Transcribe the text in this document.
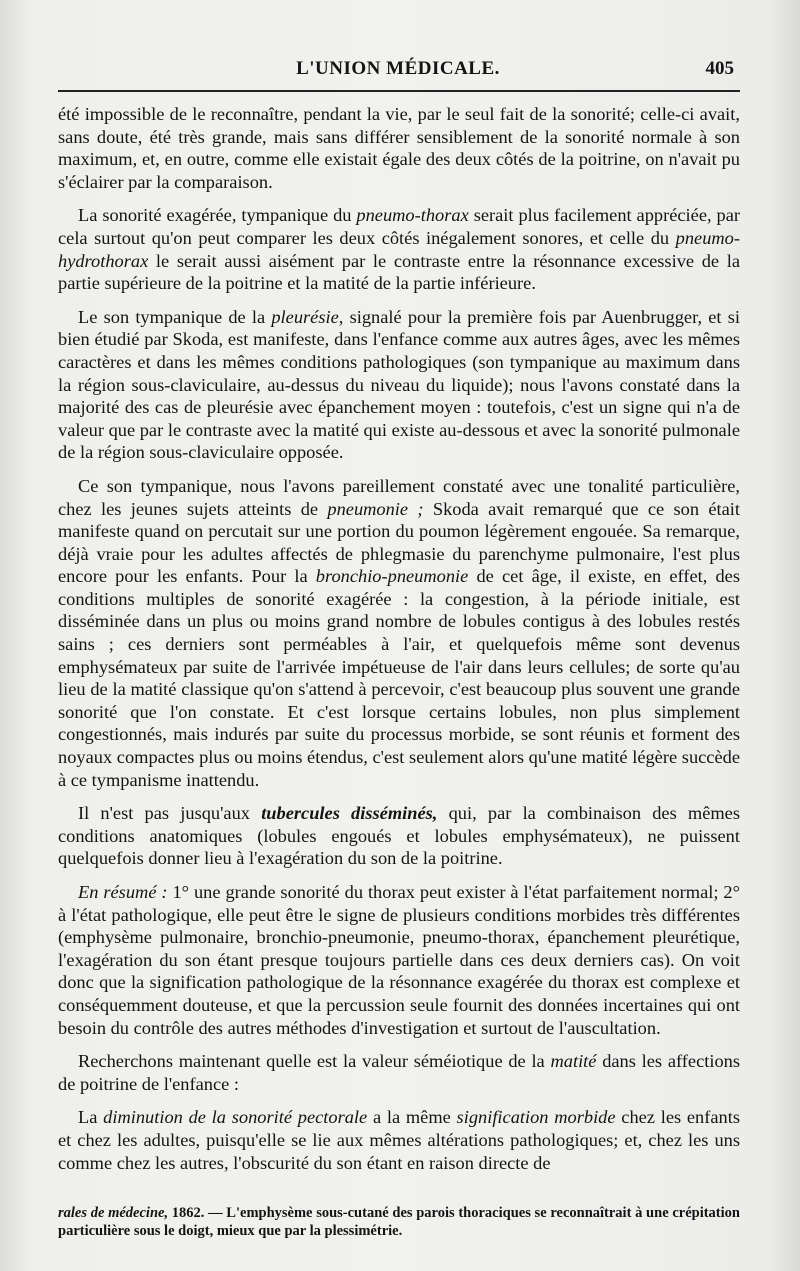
L'UNION MÉDICALE.	405

été impossible de le reconnaître, pendant la vie, par le seul fait de la sonorité; celle-ci avait, sans doute, été très grande, mais sans différer sensiblement de la sonorité normale à son maximum, et, en outre, comme elle existait égale des deux côtés de la poitrine, on n'avait pu s'éclairer par la comparaison.

La sonorité exagérée, tympanique du pneumo-thorax serait plus facilement appréciée, par cela surtout qu'on peut comparer les deux côtés inégalement sonores, et celle du pneumo-hydrothorax le serait aussi aisément par le contraste entre la résonnance excessive de la partie supérieure de la poitrine et la matité de la partie inférieure.

Le son tympanique de la pleurésie, signalé pour la première fois par Auenbrugger, et si bien étudié par Skoda, est manifeste, dans l'enfance comme aux autres âges, avec les mêmes caractères et dans les mêmes conditions pathologiques (son tympanique au maximum dans la région sous-claviculaire, au-dessus du niveau du liquide); nous l'avons constaté dans la majorité des cas de pleurésie avec épanchement moyen : toutefois, c'est un signe qui n'a de valeur que par le contraste avec la matité qui existe au-dessous et avec la sonorité pulmonale de la région sous-claviculaire opposée.

Ce son tympanique, nous l'avons pareillement constaté avec une tonalité particulière, chez les jeunes sujets atteints de pneumonie ; Skoda avait remarqué que ce son était manifeste quand on percutait sur une portion du poumon légèrement engouée. Sa remarque, déjà vraie pour les adultes affectés de phlegmasie du parenchyme pulmonaire, l'est plus encore pour les enfants. Pour la bronchio-pneumonie de cet âge, il existe, en effet, des conditions multiples de sonorité exagérée : la congestion, à la période initiale, est disséminée dans un plus ou moins grand nombre de lobules contigus à des lobules restés sains ; ces derniers sont perméables à l'air, et quelquefois même sont devenus emphysémateux par suite de l'arrivée impétueuse de l'air dans leurs cellules; de sorte qu'au lieu de la matité classique qu'on s'attend à percevoir, c'est beaucoup plus souvent une grande sonorité que l'on constate. Et c'est lorsque certains lobules, non plus simplement congestionnés, mais indurés par suite du processus morbide, se sont réunis et forment des noyaux compactes plus ou moins étendus, c'est seulement alors qu'une matité légère succède à ce tympanisme inattendu.

Il n'est pas jusqu'aux tubercules disséminés, qui, par la combinaison des mêmes conditions anatomiques (lobules engoués et lobules emphysémateux), ne puissent quelquefois donner lieu à l'exagération du son de la poitrine.

En résumé : 1° une grande sonorité du thorax peut exister à l'état parfaitement normal; 2° à l'état pathologique, elle peut être le signe de plusieurs conditions morbides très différentes (emphysème pulmonaire, bronchio-pneumonie, pneumo-thorax, épanchement pleurétique, l'exagération du son étant presque toujours partielle dans ces deux derniers cas). On voit donc que la signification pathologique de la résonnance exagérée du thorax est complexe et conséquemment douteuse, et que la percussion seule fournit des données incertaines qui ont besoin du contrôle des autres méthodes d'investigation et surtout de l'auscultation.

Recherchons maintenant quelle est la valeur séméiotique de la matité dans les affections de poitrine de l'enfance :

La diminution de la sonorité pectorale a la même signification morbide chez les enfants et chez les adultes, puisqu'elle se lie aux mêmes altérations pathologiques; et, chez les uns comme chez les autres, l'obscurité du son étant en raison directe de

rales de médecine, 1862. — L'emphysème sous-cutané des parois thoraciques se reconnaîtrait à une crépitation particulière sous le doigt, mieux que par la plessimétrie.
